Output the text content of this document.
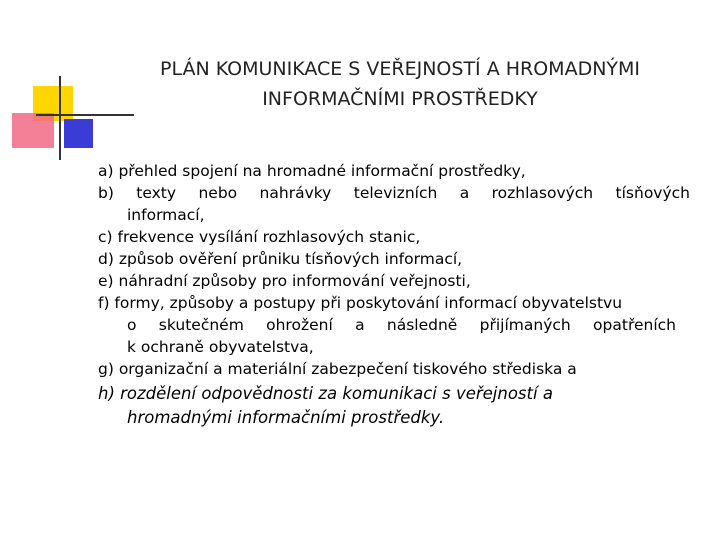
PLÁN KOMUNIKACE S VEŘEJNOSTÍ A HROMADNÝMI
INFORMAČNÍMI PROSTŘEDKY
a) přehled spojení na hromadné informační prostředky,
b) texty nebo nahrávky televizních a rozhlasových tísňových
informací,
c) frekvence vysílání rozhlasových stanic,
d) způsob ověření průniku tísňových informací,
e) náhradní způsoby pro informování veřejnosti,
f) formy, způsoby a postupy při poskytování informací obyvatelstvu
o skutečném ohrožení a následně přijímaných opatřeních
k ochraně obyvatelstva,
g) organizační a materiální zabezpečení tiskového střediska a
h) rozdělení odpovědnosti za komunikaci s veřejností a
hromadnými informačními prostředky.
